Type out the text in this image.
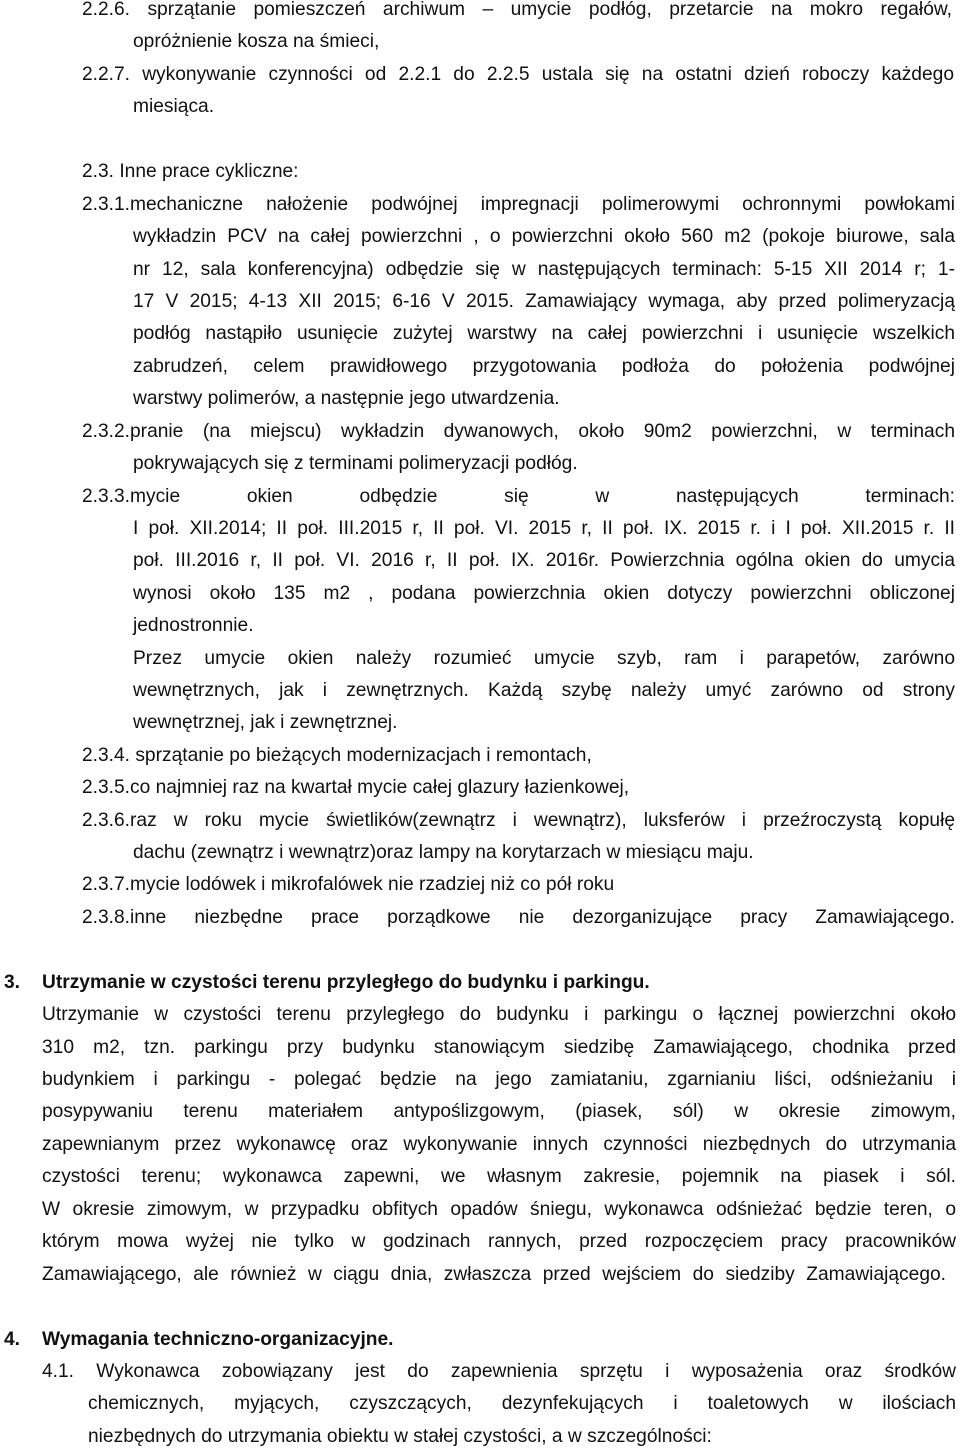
2.2.6. sprzątanie pomieszczeń archiwum – umycie podłóg, przetarcie na mokro regałów,
opróżnienie kosza na śmieci,
2.2.7. wykonywanie czynności od 2.2.1 do 2.2.5 ustala się na ostatni dzień roboczy każdego
miesiąca.
2.3. Inne prace cykliczne:
2.3.1.mechaniczne nałożenie podwójnej impregnacji polimerowymi ochronnymi powłokami
wykładzin PCV na całej powierzchni , o powierzchni około 560 m2 (pokoje biurowe, sala
nr 12, sala konferencyjna) odbędzie się w następujących terminach: 5-15 XII 2014 r; 1-
17 V 2015; 4-13 XII 2015; 6-16 V 2015. Zamawiający wymaga, aby przed polimeryzacją
podłóg nastąpiło usunięcie zużytej warstwy na całej powierzchni i usunięcie wszelkich
zabrudzeń, celem prawidłowego przygotowania podłoża do położenia podwójnej
warstwy polimerów, a następnie jego utwardzenia.
2.3.2.pranie (na miejscu) wykładzin dywanowych, około 90m2 powierzchni, w terminach
pokrywających się z terminami polimeryzacji podłóg.
2.3.3.mycie okien odbędzie się w następujących terminach:
I poł. XII.2014; II poł. III.2015 r, II poł. VI. 2015 r, II poł. IX. 2015 r. i I poł. XII.2015 r. II
poł. III.2016 r, II poł. VI. 2016 r, II poł. IX. 2016r. Powierzchnia ogólna okien do umycia
wynosi około 135 m2 , podana powierzchnia okien dotyczy powierzchni obliczonej
jednostronnie.
Przez umycie okien należy rozumieć umycie szyb, ram i parapetów, zarówno
wewnętrznych, jak i zewnętrznych. Każdą szybę należy umyć zarówno od strony
wewnętrznej, jak i zewnętrznej.
2.3.4. sprzątanie po bieżących modernizacjach i remontach,
2.3.5.co najmniej raz na kwartał mycie całej glazury łazienkowej,
2.3.6.raz w roku mycie świetlików(zewnątrz i wewnątrz), luksferów i przeźroczystą kopułę
dachu (zewnątrz i wewnątrz)oraz lampy na korytarzach w miesiącu maju.
2.3.7.mycie lodówek i mikrofalówek nie rzadziej niż co pół roku
2.3.8.inne niezbędne prace porządkowe nie dezorganizujące pracy Zamawiającego.
3. Utrzymanie w czystości terenu przyległego do budynku i parkingu.
Utrzymanie w czystości terenu przyległego do budynku i parkingu o łącznej powierzchni około
310 m2, tzn. parkingu przy budynku stanowiącym siedzibę Zamawiającego, chodnika przed
budynkiem i parkingu - polegać będzie na jego zamiataniu, zgarnianiu liści, odśnieżaniu i
posypywaniu terenu materiałem antypoślizgowym, (piasek, sól) w okresie zimowym,
zapewnianym przez wykonawcę oraz wykonywanie innych czynności niezbędnych do utrzymania
czystości terenu; wykonawca zapewni, we własnym zakresie, pojemnik na piasek i sól.
W okresie zimowym, w przypadku obfitych opadów śniegu, wykonawca odśnieżać będzie teren, o
którym mowa wyżej nie tylko w godzinach rannych, przed rozpoczęciem pracy pracowników
Zamawiającego, ale również w ciągu dnia, zwłaszcza przed wejściem do siedziby Zamawiającego.
4. Wymagania techniczno-organizacyjne.
4.1. Wykonawca zobowiązany jest do zapewnienia sprzętu i wyposażenia oraz środków
chemicznych, myjących, czyszczących, dezynfekujących i toaletowych w ilościach
niezbędnych do utrzymania obiektu w stałej czystości, a w szczególności:
